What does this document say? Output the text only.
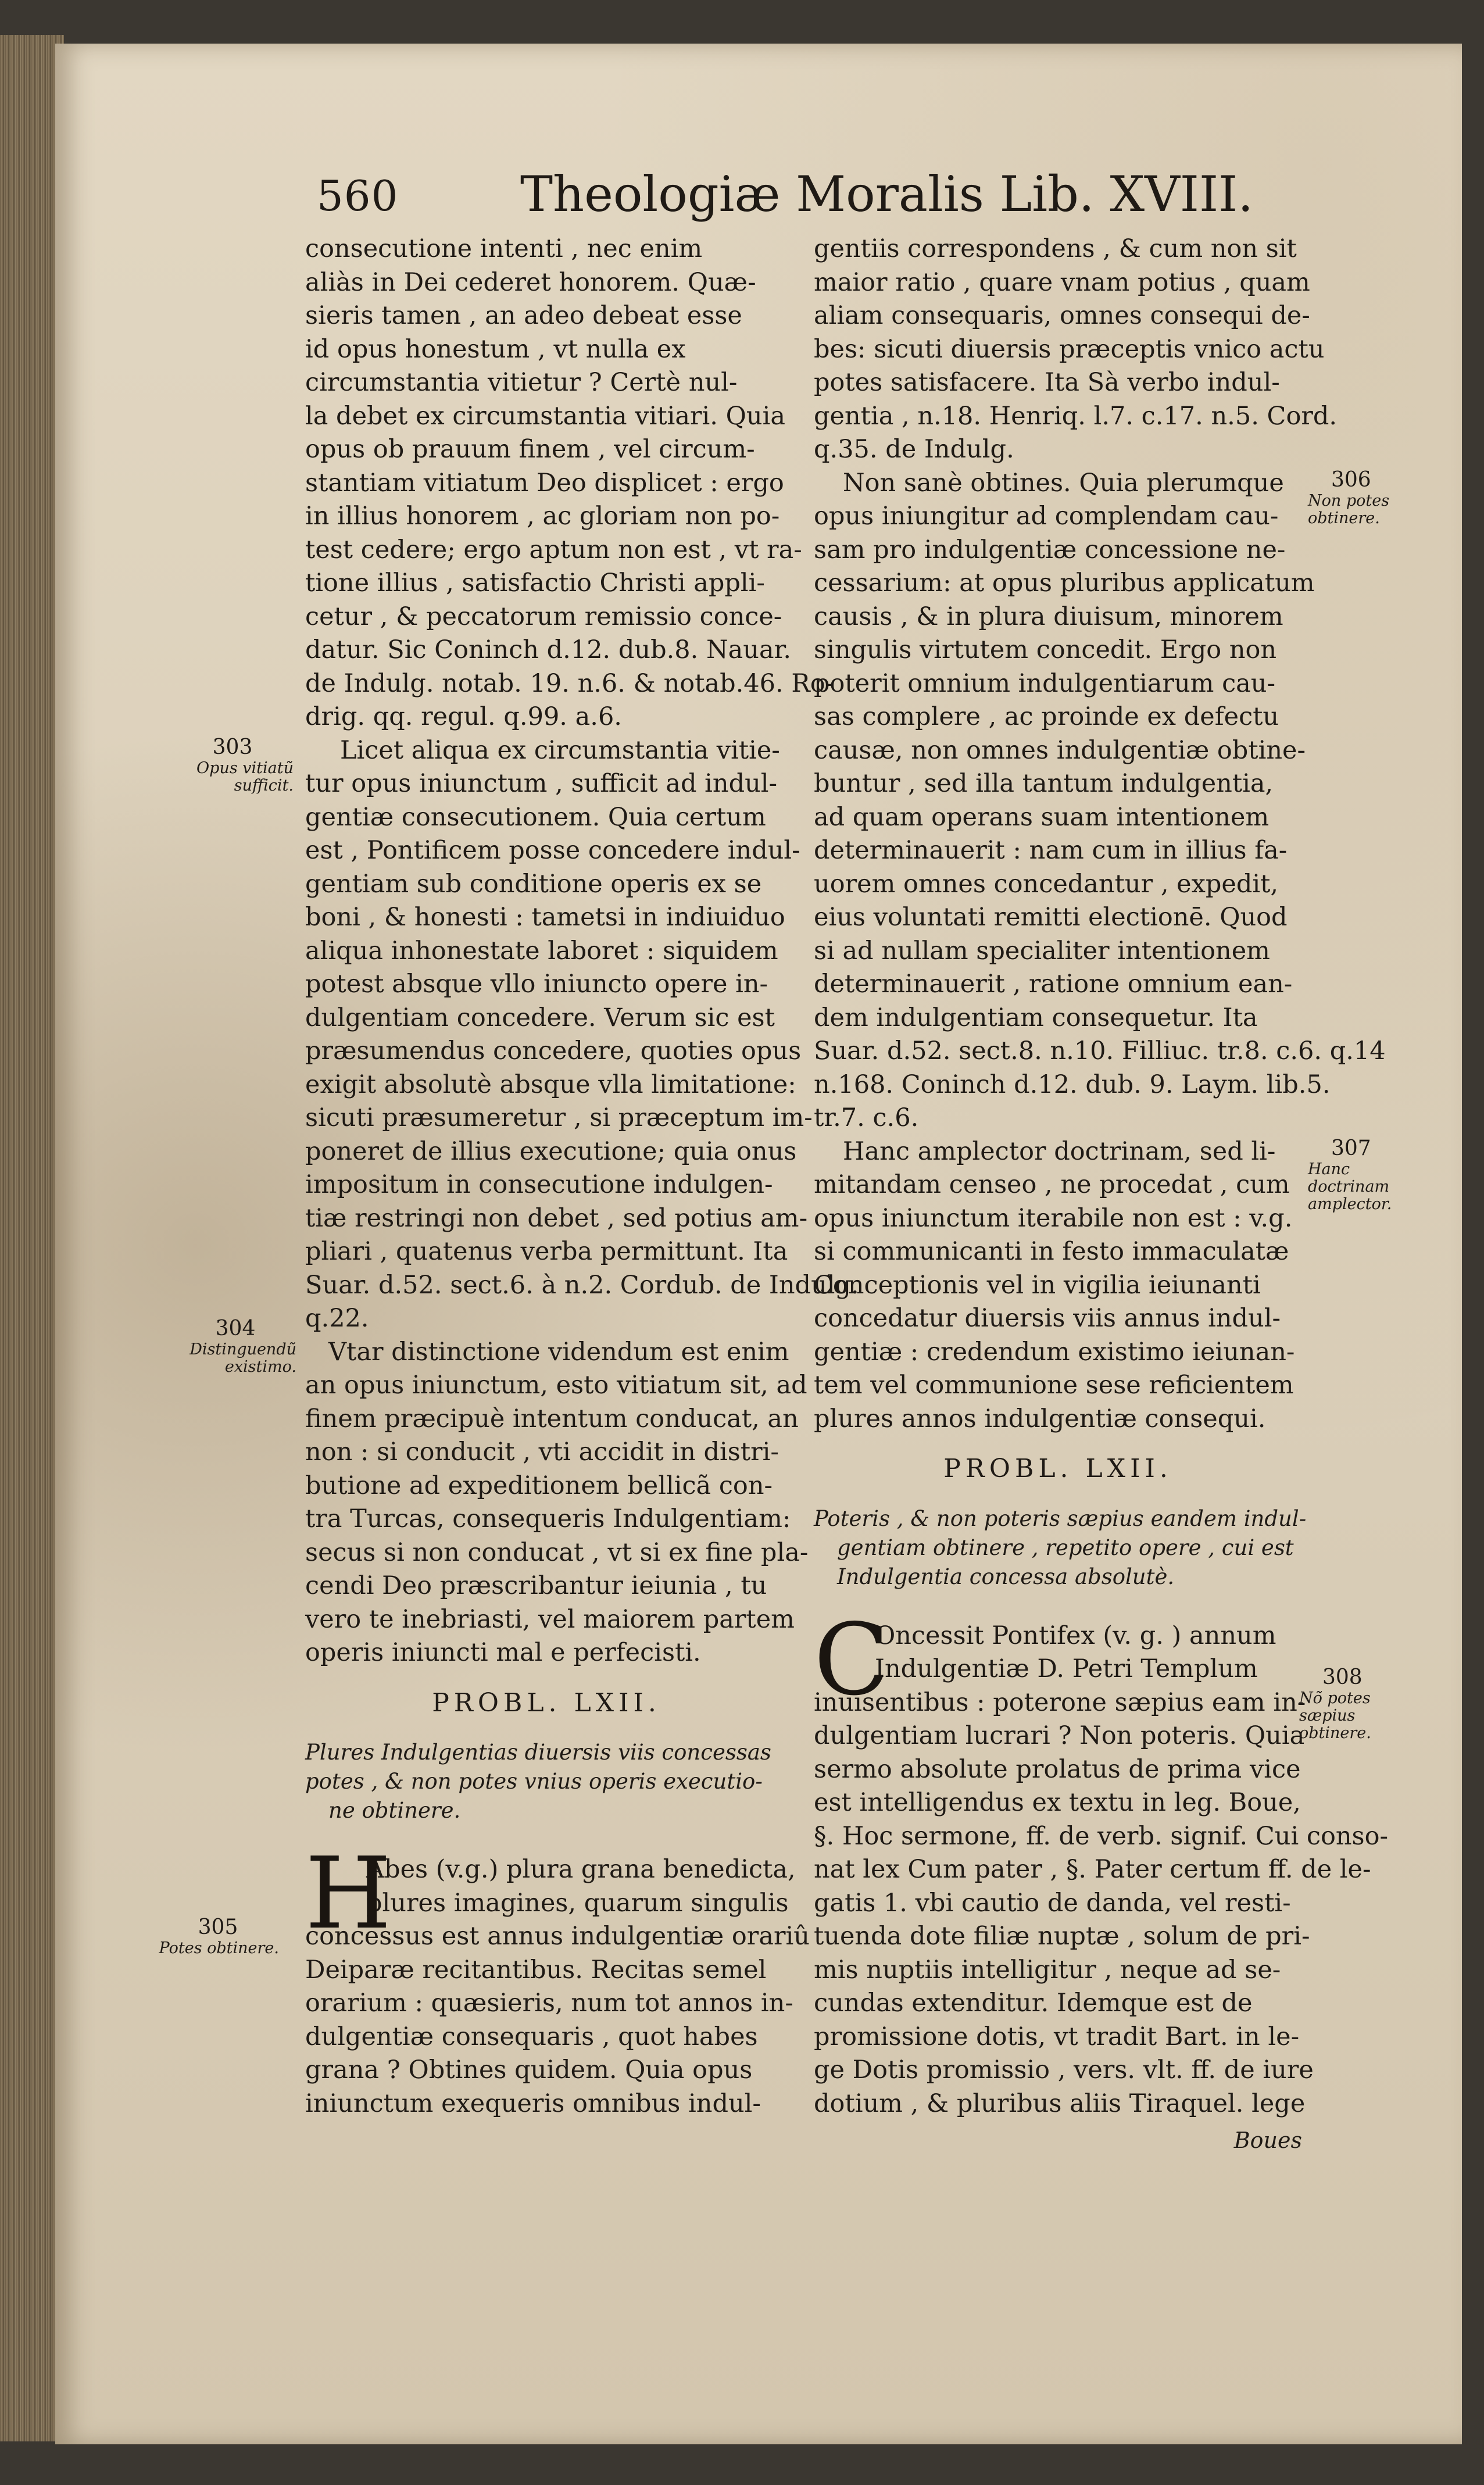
560 Theologiæ Moralis Lib. XVIII.
consecutione intenti , nec enim
aliàs in Dei cederet honorem. Quæ-
sieris tamen , an adeo debeat esse
id opus honestum , vt nulla ex
circumstantia vitietur ? Certè nul-
la debet ex circumstantia vitiari. Quia
opus ob prauum finem , vel circum-
stantiam vitiatum Deo displicet : ergo
in illius honorem , ac gloriam non po-
test cedere; ergo aptum non est , vt ra-
tione illius , satisfactio Christi appli-
cetur , & peccatorum remissio conce-
datur. Sic Coninch d.12. dub.8. Nauar.
de Indulg. notab. 19. n.6. & notab.46. Ro-
drig. qq. regul. q.99. a.6.
Licet aliqua ex circumstantia vitie-
tur opus iniunctum , sufficit ad indul-
gentiæ consecutionem. Quia certum
est , Pontificem posse concedere indul-
gentiam sub conditione operis ex se
boni , & honesti : tametsi in indiuiduo
aliqua inhonestate laboret : siquidem
potest absque vllo iniuncto opere in-
dulgentiam concedere. Verum sic est
præsumendus concedere, quoties opus
exigit absolutè absque vlla limitatione:
sicuti præsumeretur , si præceptum im-
poneret de illius executione; quia onus
impositum in consecutione indulgen-
tiæ restringi non debet , sed potius am-
pliari , quatenus verba permittunt. Ita
Suar. d.52. sect.6. à n.2. Cordub. de Indulg.
q.22.
Vtar distinctione videndum est enim
an opus iniunctum, esto vitiatum sit, ad
finem præcipuè intentum conducat, an
non : si conducit , vti accidit in distri-
butione ad expeditionem bellicã con-
tra Turcas, consequeris Indulgentiam:
secus si non conducat , vt si ex fine pla-
cendi Deo præscribantur ieiunia , tu
vero te inebriasti, vel maiorem partem
operis iniuncti mal e perfecisti.
PROBL. LXII.
Plures Indulgentias diuersis viis concessas
potes , & non potes vnius operis executio-
ne obtinere.
H
Abes (v.g.) plura grana benedicta,
plures imagines, quarum singulis
concessus est annus indulgentiæ orariû
Deiparæ recitantibus. Recitas semel
orarium : quæsieris, num tot annos in-
dulgentiæ consequaris , quot habes
grana ? Obtines quidem. Quia opus
iniunctum exequeris omnibus indul-
gentiis correspondens , & cum non sit
maior ratio , quare vnam potius , quam
aliam consequaris, omnes consequi de-
bes: sicuti diuersis præceptis vnico actu
potes satisfacere. Ita Sà verbo indul-
gentia , n.18. Henriq. l.7. c.17. n.5. Cord.
q.35. de Indulg.
Non sanè obtines. Quia plerumque
opus iniungitur ad complendam cau-
sam pro indulgentiæ concessione ne-
cessarium: at opus pluribus applicatum
causis , & in plura diuisum, minorem
singulis virtutem concedit. Ergo non
poterit omnium indulgentiarum cau-
sas complere , ac proinde ex defectu
causæ, non omnes indulgentiæ obtine-
buntur , sed illa tantum indulgentia,
ad quam operans suam intentionem
determinauerit : nam cum in illius fa-
uorem omnes concedantur , expedit,
eius voluntati remitti electionē. Quod
si ad nullam specialiter intentionem
determinauerit , ratione omnium ean-
dem indulgentiam consequetur. Ita
Suar. d.52. sect.8. n.10. Filliuc. tr.8. c.6. q.14
n.168. Coninch d.12. dub. 9. Laym. lib.5.
tr.7. c.6.
Hanc amplector doctrinam, sed li-
mitandam censeo , ne procedat , cum
opus iniunctum iterabile non est : v.g.
si communicanti in festo immaculatæ
Conceptionis vel in vigilia ieiunanti
concedatur diuersis viis annus indul-
gentiæ : credendum existimo ieiunan-
tem vel communione sese reficientem
plures annos indulgentiæ consequi.
PROBL. LXII.
Poteris , & non poteris sæpius eandem indul-
gentiam obtinere , repetito opere , cui est
Indulgentia concessa absolutè.
C
Oncessit Pontifex (v. g. ) annum
Indulgentiæ D. Petri Templum
inuisentibus : poterone sæpius eam in-
dulgentiam lucrari ? Non poteris. Quia
sermo absolute prolatus de prima vice
est intelligendus ex textu in leg. Boue,
§. Hoc sermone, ff. de verb. signif. Cui conso-
nat lex Cum pater , §. Pater certum ff. de le-
gatis 1. vbi cautio de danda, vel resti-
tuenda dote filiæ nuptæ , solum de pri-
mis nuptiis intelligitur , neque ad se-
cundas extenditur. Idemque est de
promissione dotis, vt tradit Bart. in le-
ge Dotis promissio , vers. vlt. ff. de iure
dotium , & pluribus aliis Tiraquel. lege
Boues
303
Opus vitiatũ sufficit.
304
Distinguendũ existimo.
305
Potes obtinere.
306
Non potes obtinere.
307
Hanc doctrinam amplector.
308
Nõ potes sæpius obtinere.
